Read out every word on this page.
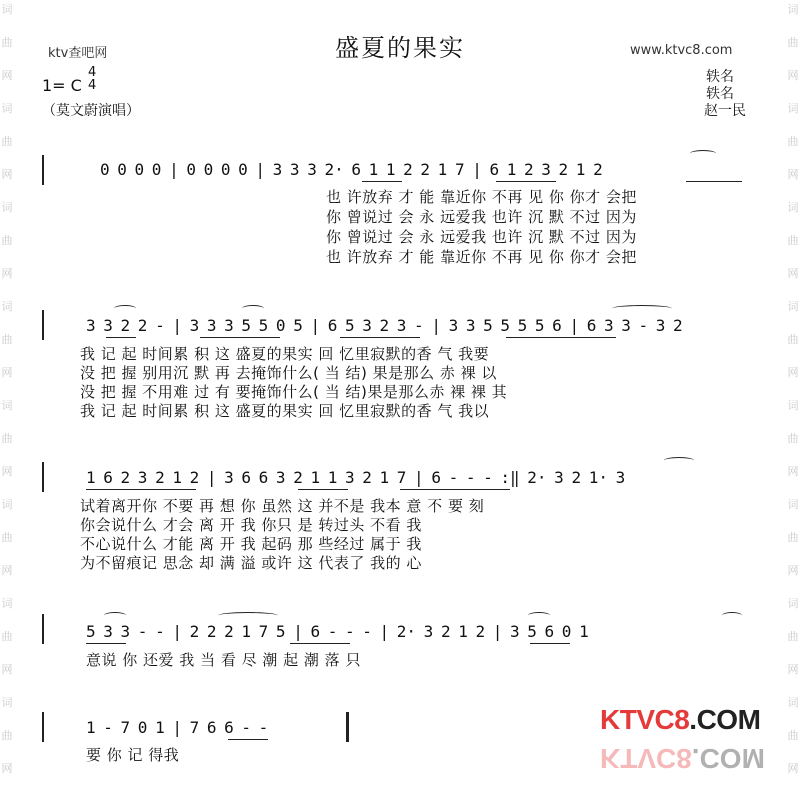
词
曲
网
词
曲
网
词
曲
网
词
曲
网
词
曲
网
词
曲
网
词
曲
网
词
曲
网
词
曲
网
词
曲
网
词
曲
网
词
曲
网
词
曲
网
词
曲
网
词
曲
网
词
曲
网
盛夏的果实
ktv查吧网	www.ktvc8.com
1= C
4
4
（莫文蔚演唱）
轶名
轶名
赵一民
0 0 0 0 | 0 0 0 0 | 3 3 3 2· 6 1 1 2 2 1 7 | 6 1 2 3 2 1 2
也 许放弃 才 能 靠近你 不再 见 你 你才 会把
你 曾说过 会 永 远爱我 也许 沉 默 不过 因为
你 曾说过 会 永 远爱我 也许 沉 默 不过 因为
也 许放弃 才 能 靠近你 不再 见 你 你才 会把
3 3 2 2 - | 3 3 3 5 5 0 5 | 6 5 3 2 3 - | 3 3 5 5 5 5 6 | 6 3 3 - 3 2
我 记 起 时间累 积 这 盛夏的果实 回 忆里寂默的香 气 我要
没 把 握 别用沉 默 再 去掩饰什么( 当 结) 果是那么 赤 裸 以
没 把 握 不用难 过 有 要掩饰什么( 当 结)果是那么赤 裸 裸 其
我 记 起 时间累 积 这 盛夏的果实 回 忆里寂默的香 气 我以
1 6 2 3 2 1 2 | 3 6 6 3 2 1 1 3 2 1 7 | 6 - - - :‖ 2· 3 2 1· 3
试着离开你 不要 再 想 你 虽然 这 并不是 我本 意 不 要 刻
你会说什么 才会 离 开 我 你只 是 转过头 不看 我
不心说什么 才能 离 开 我 起码 那 些经过 属于 我
为不留痕记 思念 却 满 溢 或许 这 代表了 我的 心
5 3 3 - - | 2 2 2 1 7 5 | 6 - - - | 2· 3 2 1 2 | 3 5 6 0 1
意说 你 还爱 我 当 看 尽 潮 起 潮 落 只
1 - 7 0 1 | 7 6 6 - -
要 你 记 得我
KTVC8.COM
KTVC8.COM
